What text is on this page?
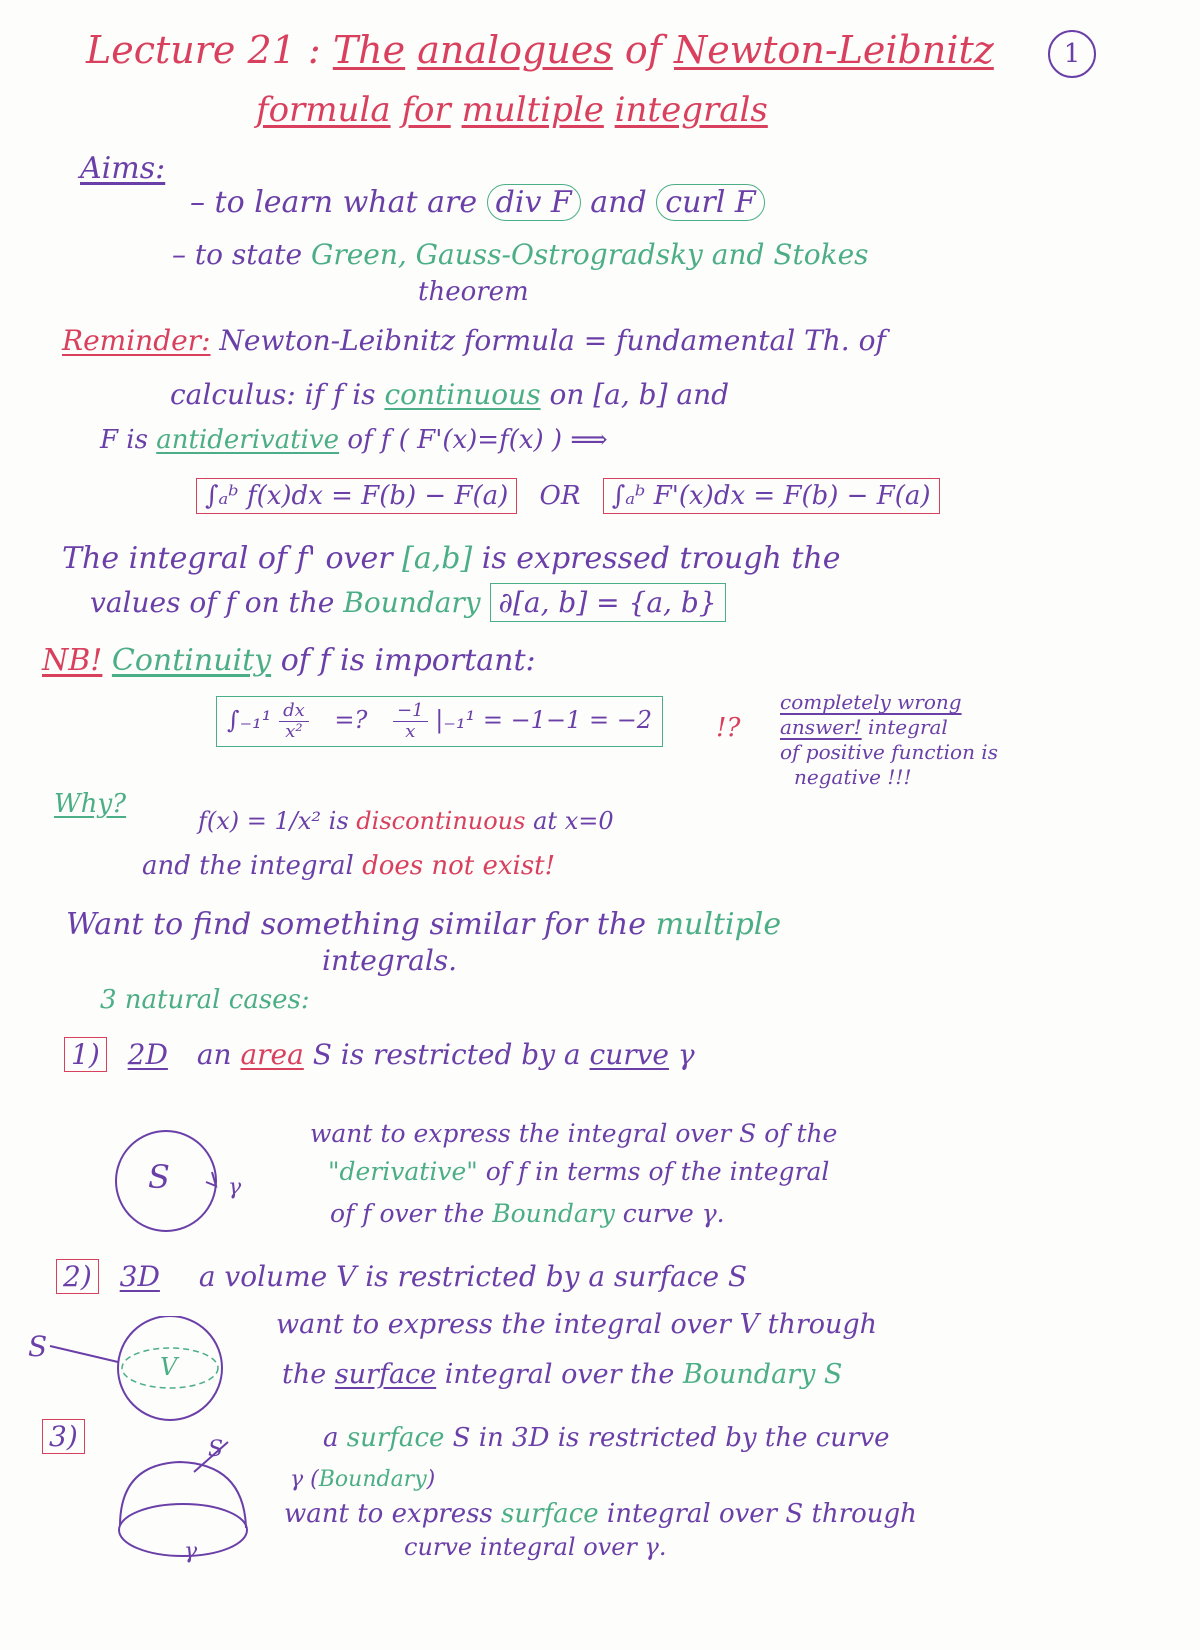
Lecture 21 : The analogues of Newton-Leibnitz	1
formula for multiple integrals
Aims:
– to learn what are div F and curl F
– to state Green, Gauss-Ostrogradsky and Stokes
theorem
Reminder: Newton-Leibnitz formula = fundamental Th. of
calculus: if f is continuous on [a, b] and
F is antiderivative of f ( F'(x)=f(x) ) ⟹
∫ₐᵇ f(x)dx = F(b) − F(a) OR ∫ₐᵇ F'(x)dx = F(b) − F(a)
The integral of f' over [a,b] is expressed trough the
values of f on the Boundary ∂[a, b] = {a, b}
NB! Continuity of f is important:
$\int_{-1}^1 \frac{dx}{\text{x²}}$ =? $\frac{-1}{x} |_{-1}^1 = -1-1 = -2$	!?
completely wrong
answer! integral
of positive function is
negative !!!
Why?
f(x) = 1/x² is discontinuous at x=0
and the integral does not exist!
Want to find something similar for the multiple
integrals.
3 natural cases:
1) 2D an area S is restricted by a curve γ
S	γ
want to express the integral over S of the
"derivative" of f in terms of the integral
of f over the Boundary curve γ.
2) 3D a volume V is restricted by a surface S
S
V
want to express the integral over V through
the surface integral over the Boundary S
3)	a surface S in 3D is restricted by the curve
γ (Boundary)
S
γ
want to express surface integral over S through
curve integral over γ.
